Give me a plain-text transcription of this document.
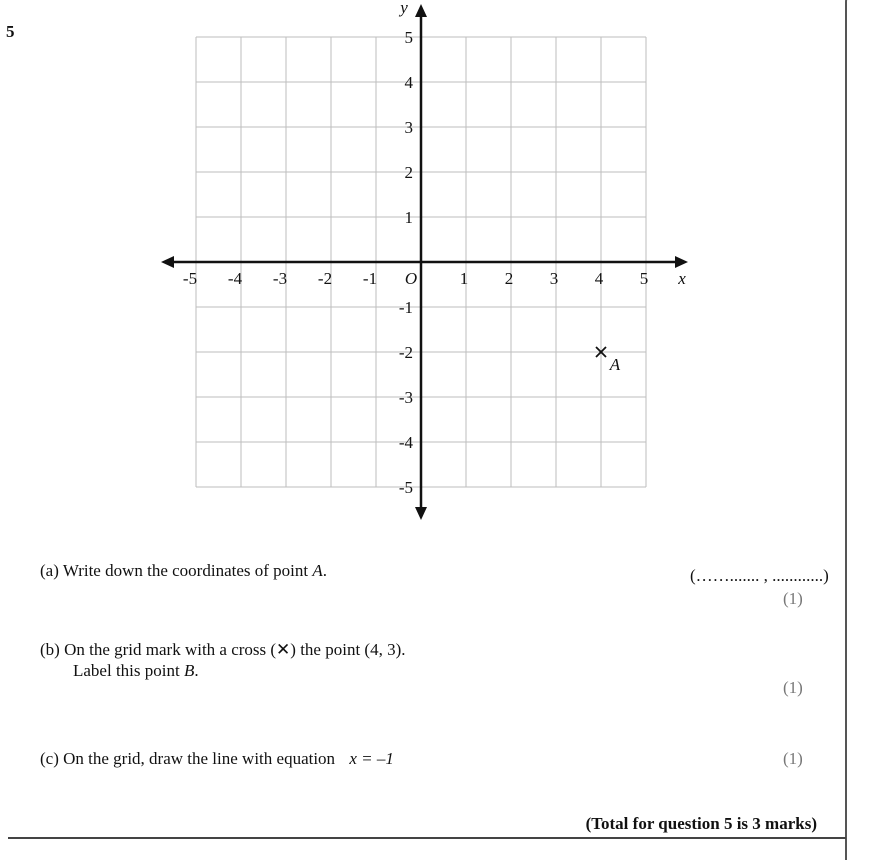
5
-5 -4 -3 -2 -1	1 2 3 4 5
5
4
3
2
1
-1
-2
-3
-4
-5
O	x
y
A
(a) Write down the coordinates of point A.	(……....... , ............)
(1)
(b) On the grid mark with a cross (✕) the point (4, 3).
Label this point B.
(1)
(c) On the grid, draw the line with equation x = –1	(1)
(Total for question 5 is 3 marks)
